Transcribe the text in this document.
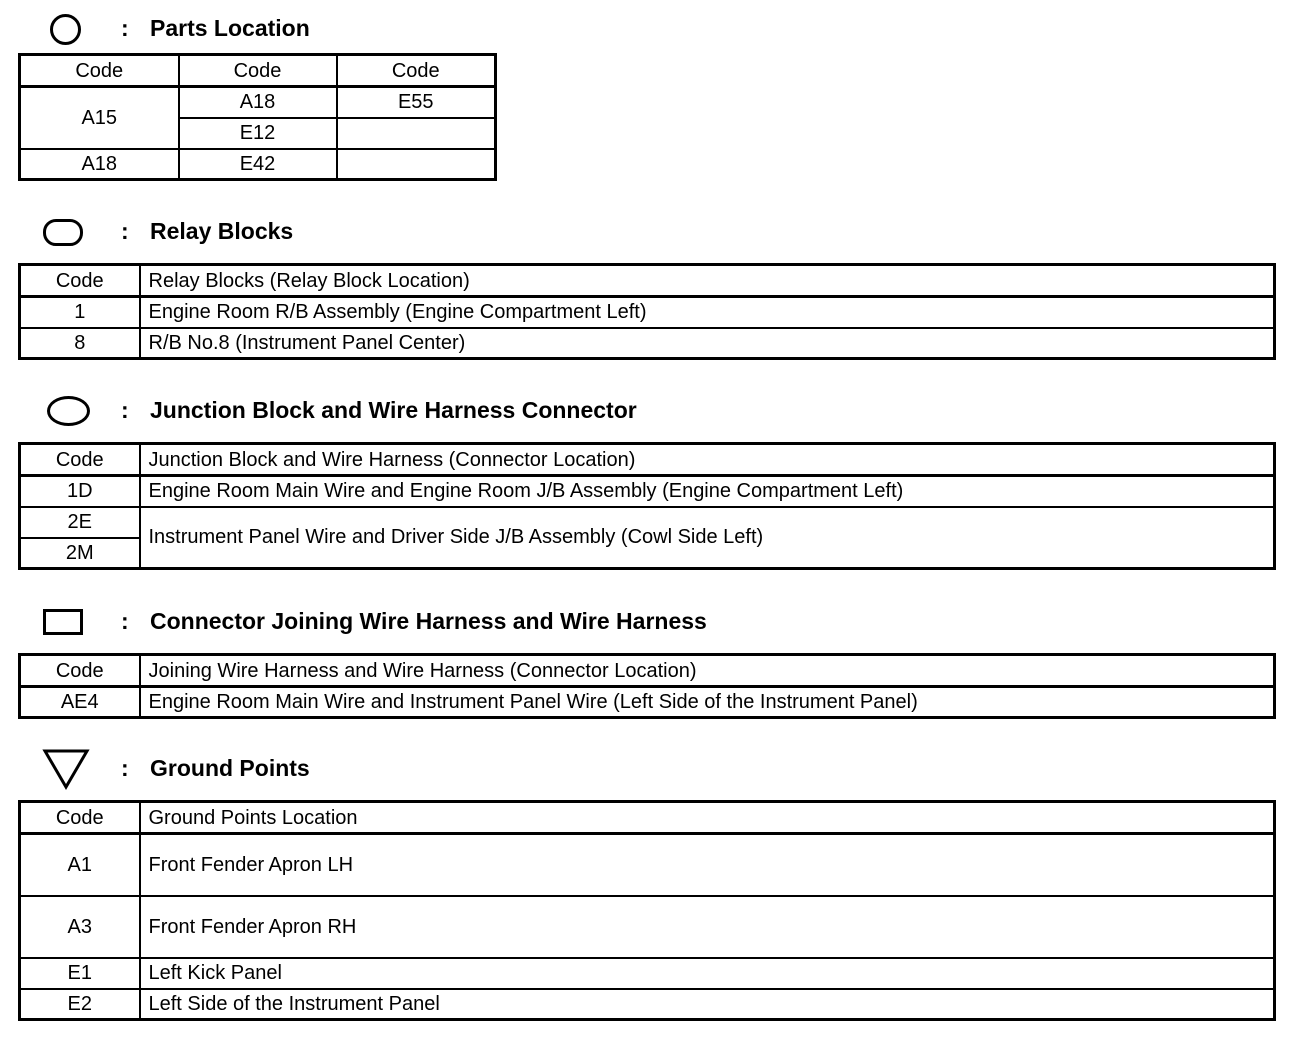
: Parts Location
Code	Code	Code
A15	A18	E55
	E12	
A18	E42	
: Relay Blocks
Code	Relay Blocks (Relay Block Location)
1	Engine Room R/B Assembly (Engine Compartment Left)
8	R/B No.8 (Instrument Panel Center)
: Junction Block and Wire Harness Connector
Code	Junction Block and Wire Harness (Connector Location)
1D	Engine Room Main Wire and Engine Room J/B Assembly (Engine Compartment Left)
2E	Instrument Panel Wire and Driver Side J/B Assembly (Cowl Side Left)
2M	
: Connector Joining Wire Harness and Wire Harness
Code	Joining Wire Harness and Wire Harness (Connector Location)
AE4	Engine Room Main Wire and Instrument Panel Wire (Left Side of the Instrument Panel)
: Ground Points
Code	Ground Points Location
A1	Front Fender Apron LH
A3	Front Fender Apron RH
E1	Left Kick Panel
E2	Left Side of the Instrument Panel
